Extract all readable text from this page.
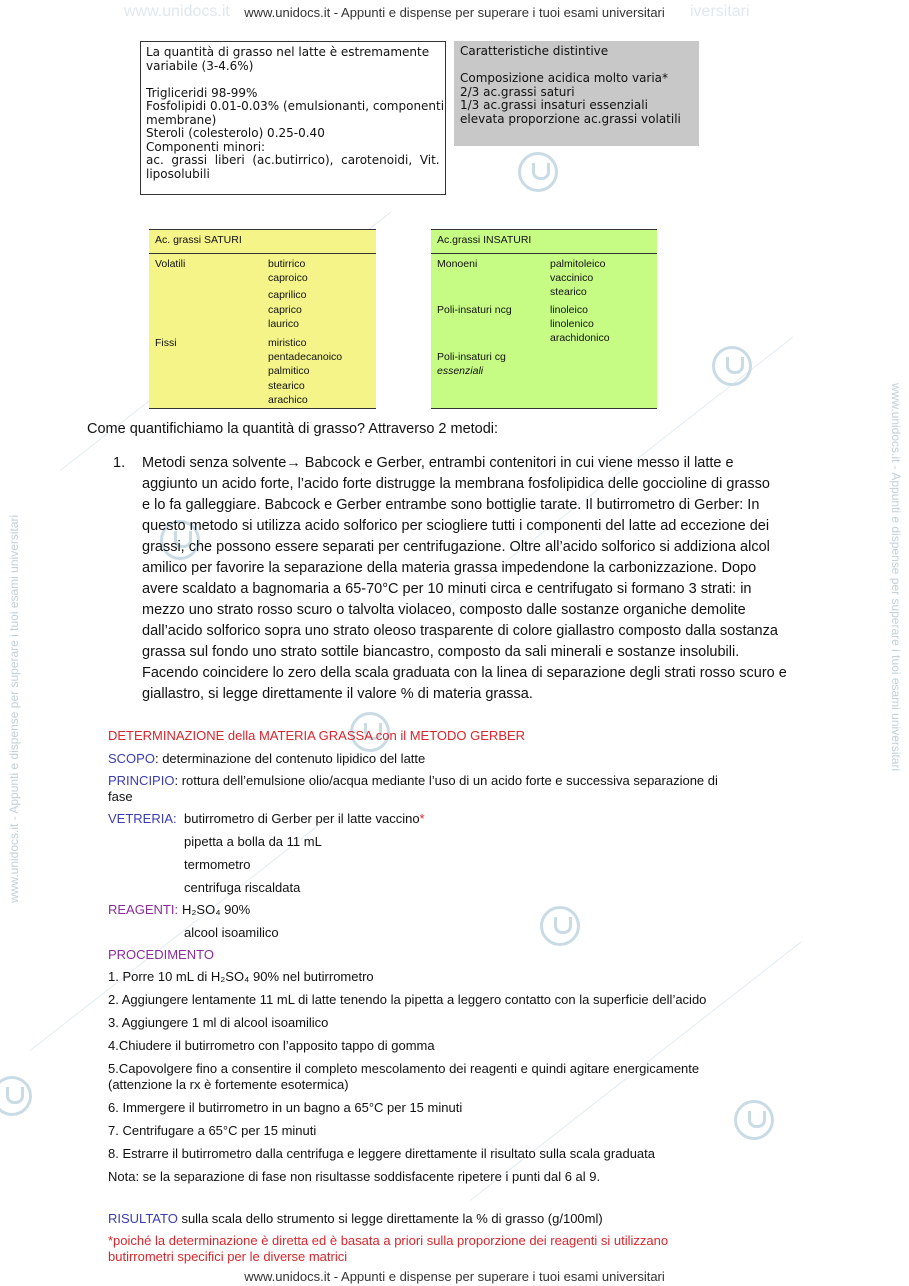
www.unidocs.it www.unidocs.it - Appunti e dispense per superare i tuoi esami universitari iversitari
www.unidocs.it - Appunti e dispense per superare i tuoi esami universitari	www.unidocs.it - Appunti e dispense per superare i tuoi esami universitari
La quantità di grasso nel latte è estremamente
variabile (3-4.6%)
Trigliceridi 98-99%
Fosfolipidi 0.01-0.03% (emulsionanti, componenti
membrane)
Steroli (colesterolo) 0.25-0.40
Componenti minori:
ac.  grassi  liberi  (ac.butirrico),  carotenoidi,  Vit.
liposolubili
Caratteristiche distintive
Composizione acidica molto varia*
2/3 ac.grassi saturi
1/3 ac.grassi insaturi essenziali
elevata proporzione ac.grassi volatili
Ac. grassi SATURI
Volatili	butirrico
caproico
caprilico
caprico
laurico
Fissi	miristico
pentadecanoico
palmitico
stearico
arachico
Ac.grassi INSATURI
Monoeni	palmitoleico
vaccinico
stearico
Poli-insaturi ncg	linoleico
linolenico
arachidonico
Poli-insaturi cg
essenziali
Come quantifichiamo la quantità di grasso? Attraverso 2 metodi:
1. Metodi senza solvente→ Babcock e Gerber, entrambi contenitori in cui viene messo il latte e
aggiunto un acido forte, l’acido forte distrugge la membrana fosfolipidica delle goccioline di grasso
e lo fa galleggiare. Babcock e Gerber entrambe sono bottiglie tarate. Il butirrometro di Gerber: In
questo metodo si utilizza acido solforico per sciogliere tutti i componenti del latte ad eccezione dei
grassi, che possono essere separati per centrifugazione. Oltre all’acido solforico si addiziona alcol
amilico per favorire la separazione della materia grassa impedendone la carbonizzazione. Dopo
avere scaldato a bagnomaria a 65-70°C per 10 minuti circa e centrifugato si formano 3 strati: in
mezzo uno strato rosso scuro o talvolta violaceo, composto dalle sostanze organiche demolite
dall’acido solforico sopra uno strato oleoso trasparente di colore giallastro composto dalla sostanza
grassa sul fondo uno strato sottile biancastro, composto da sali minerali e sostanze insolubili.
Facendo coincidere lo zero della scala graduata con la linea di separazione degli strati rosso scuro e
giallastro, si legge direttamente il valore % di materia grassa.
DETERMINAZIONE della MATERIA GRASSA con il METODO GERBER
SCOPO: determinazione del contenuto lipidico del latte
PRINCIPIO: rottura dell’emulsione olio/acqua mediante l’uso di un acido forte e successiva separazione di
fase
VETRERIA: butirrometro di Gerber per il latte vaccino*
pipetta a bolla da 11 mL
termometro
centrifuga riscaldata
REAGENTI: H₂SO₄ 90%
alcool isoamilico
PROCEDIMENTO
1. Porre 10 mL di H₂SO₄ 90% nel butirrometro
2. Aggiungere lentamente 11 mL di latte tenendo la pipetta a leggero contatto con la superficie dell’acido
3. Aggiungere 1 ml di alcool isoamilico
4.Chiudere il butirrometro con l’apposito tappo di gomma
5.Capovolgere fino a consentire il completo mescolamento dei reagenti e quindi agitare energicamente
(attenzione la rx è fortemente esotermica)
6. Immergere il butirrometro in un bagno a 65°C per 15 minuti
7. Centrifugare a 65°C per 15 minuti
8. Estrarre il butirrometro dalla centrifuga e leggere direttamente il risultato sulla scala graduata
Nota: se la separazione di fase non risultasse soddisfacente ripetere i punti dal 6 al 9.
RISULTATO sulla scala dello strumento si legge direttamente la % di grasso (g/100ml)
*poiché la determinazione è diretta ed è basata a priori sulla proporzione dei reagenti si utilizzano
butirrometri specifici per le diverse matrici
www.unidocs.it - Appunti e dispense per superare i tuoi esami universitari
